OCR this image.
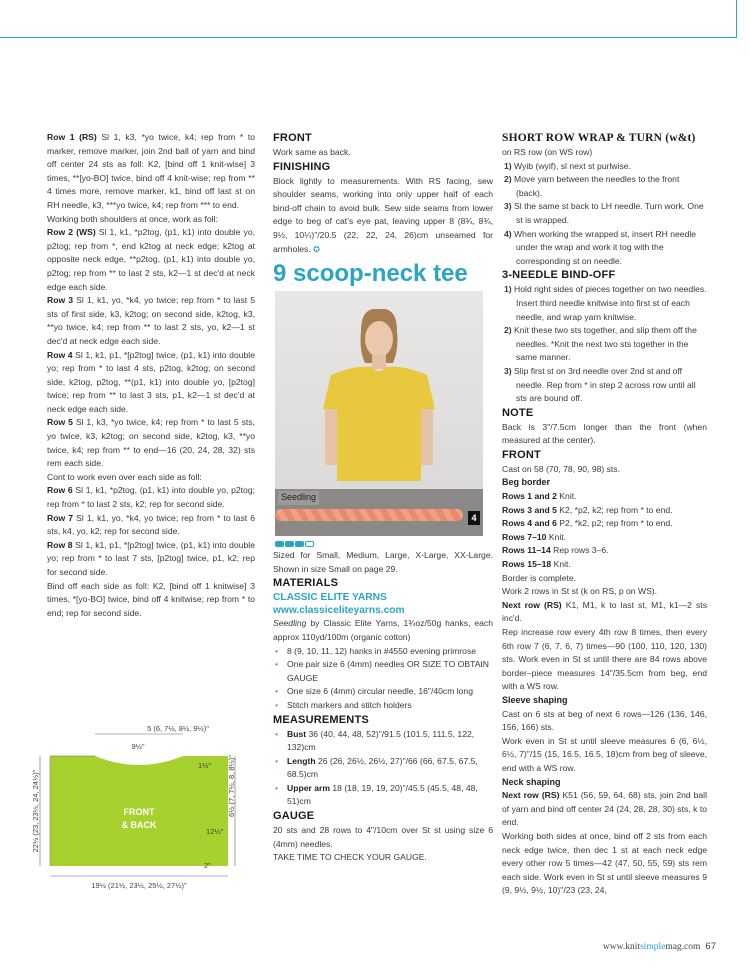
Row 1 (RS) Sl 1, k3, *yo twice, k4; rep from * to marker, remove marker, join 2nd ball of yarn and bind off center 24 sts as foll: K2, [bind off 1 knit-wise] 3 times, **[yo-BO] twice, bind off 4 knit-wise; rep from ** 4 times more, remove marker, k1, bind off last st on RH needle, k3, ***yo twice, k4; rep from *** to end.

Working both shoulders at once, work as foll:

Row 2 (WS) Sl 1, k1, *p2tog, (p1, k1) into double yo, p2tog; rep from *, end k2tog at neck edge; k2tog at opposite neck edge, **p2tog, (p1, k1) into double yo, p2tog; rep from ** to last 2 sts, k2—1 st dec'd at neck edge each side.

Row 3 Sl 1, k1, yo, *k4, yo twice; rep from * to last 5 sts of first side, k3, k2tog; on second side, k2tog, k3, **yo twice, k4; rep from ** to last 2 sts, yo, k2—1 st dec'd at neck edge each side.

Row 4 Sl 1, k1, p1, *[p2tog] twice, (p1, k1) into double yo; rep from * to last 4 sts, p2tog, k2tog; on second side, k2tog, p2tog, **(p1, k1) into double yo, [p2tog] twice; rep from ** to last 3 sts, p1, k2—1 st dec'd at neck edge each side.

Row 5 Sl 1, k3, *yo twice, k4; rep from * to last 5 sts, yo twice, k3, k2tog; on second side, k2tog, k3, **yo twice, k4; rep from ** to end—16 (20, 24, 28, 32) sts rem each side.

Cont to work even over each side as foll:

Row 6 Sl 1, k1, *p2tog, (p1, k1) into double yo, p2tog; rep from * to last 2 sts, k2; rep for second side.

Row 7 Sl 1, k1, yo, *k4, yo twice; rep from * to last 6 sts, k4, yo, k2; rep for second side.

Row 8 Sl 1, k1, p1, *[p2tog] twice, (p1, k1) into double yo; rep from * to last 7 sts, [p2tog] twice, p1, k2; rep for second side.

Bind off each side as foll: K2, [bind off 1 knitwise] 3 times, *[yo-BO] twice, bind off 4 knitwise; rep from * to end; rep for second side.

FRONT
& BACK
5 (6, 7½, 8½, 9½)"
9½"
1½" 6½ (7, 7½, 8, 8½)"
12½"
2"
22½ (23, 23½, 24, 24½)"
19½ (21½, 23½, 25½, 27½)"
FRONT

Work same as back.

FINISHING

Block lightly to measurements. With RS facing, sew shoulder seams, working into only upper half of each bind-off chain to avoid bulk. Sew side seams from lower edge to beg of cat's eye pat, leaving upper 8 (8¾, 8¾, 9½, 10¼)"/20.5 (22, 22, 24, 26)cm unseamed for armholes. ✪

9 scoop-neck tee
Seedling
4

Sized for Small, Medium, Large, X-Large, XX-Large. Shown in size Small on page 29.

MATERIALS
CLASSIC ELITE YARNS
www.classiceliteyarns.com

Seedling by Classic Elite Yarns, 1¾oz/50g hanks, each approx 110yd/100m (organic cotton)

• 8 (9, 10, 11, 12) hanks in #4550 evening primrose
• One pair size 6 (4mm) needles OR SIZE TO OBTAIN GAUGE
• One size 6 (4mm) circular needle, 16"/40cm long
• Stitch markers and stitch holders
MEASUREMENTS
• Bust 36 (40, 44, 48, 52)"/91.5 (101.5, 111.5, 122, 132)cm
• Length 26 (26, 26½, 26½, 27)"/66 (66, 67.5, 67.5, 68.5)cm
• Upper arm 18 (18, 19, 19, 20)"/45.5 (45.5, 48, 48, 51)cm
GAUGE

20 sts and 28 rows to 4"/10cm over St st using size 6 (4mm) needles.

TAKE TIME TO CHECK YOUR GAUGE.

SHORT ROW WRAP & TURN (w&t)

on RS row (on WS row)

1) Wyib (wyif), sl next st purlwise.
2) Move yarn between the needles to the front (back).
3) Sl the same st back to LH needle. Turn work. One st is wrapped.
4) When working the wrapped st, insert RH needle under the wrap and work it tog with the corresponding st on needle.
3-NEEDLE BIND-OFF
1) Hold right sides of pieces together on two needles. Insert third needle knitwise into first st of each needle, and wrap yarn knitwise.
2) Knit these two sts together, and slip them off the needles. *Knit the next two sts together in the same manner.
3) Slip first st on 3rd needle over 2nd st and off needle. Rep from * in step 2 across row until all sts are bound off.
NOTE

Back is 3"/7.5cm longer than the front (when measured at the center).

FRONT

Cast on 58 (70, 78, 90, 98) sts.

Beg border

Rows 1 and 2 Knit.

Rows 3 and 5 K2, *p2, k2; rep from * to end.

Rows 4 and 6 P2, *k2, p2; rep from * to end.

Rows 7–10 Knit.

Rows 11–14 Rep rows 3–6.

Rows 15–18 Knit.

Border is complete.

Work 2 rows in St st (k on RS, p on WS).

Next row (RS) K1, M1, k to last st, M1, k1—2 sts inc'd.

Rep increase row every 4th row 8 times, then every 6th row 7 (6, 7, 6, 7) times—90 (100, 110, 120, 130) sts. Work even in St st until there are 84 rows above border–piece measures 14"/35.5cm from beg, end with a WS row.

Sleeve shaping

Cast on 6 sts at beg of next 6 rows—126 (136, 146, 156, 166) sts.

Work even in St st until sleeve measures 6 (6, 6½, 6½, 7)"/15 (15, 16.5, 16.5, 18)cm from beg of sleeve, end with a WS row.

Neck shaping

Next row (RS) K51 (56, 59, 64, 68) sts, join 2nd ball of yarn and bind off center 24 (24, 28, 28, 30) sts, k to end.

Working both sides at once, bind off 2 sts from each neck edge twice, then dec 1 st at each neck edge every other row 5 times—42 (47, 50, 55, 59) sts rem each side. Work even in St st until sleeve measures 9 (9, 9½, 9½, 10)"/23 (23, 24,

www.knitsimplemag.com 67
